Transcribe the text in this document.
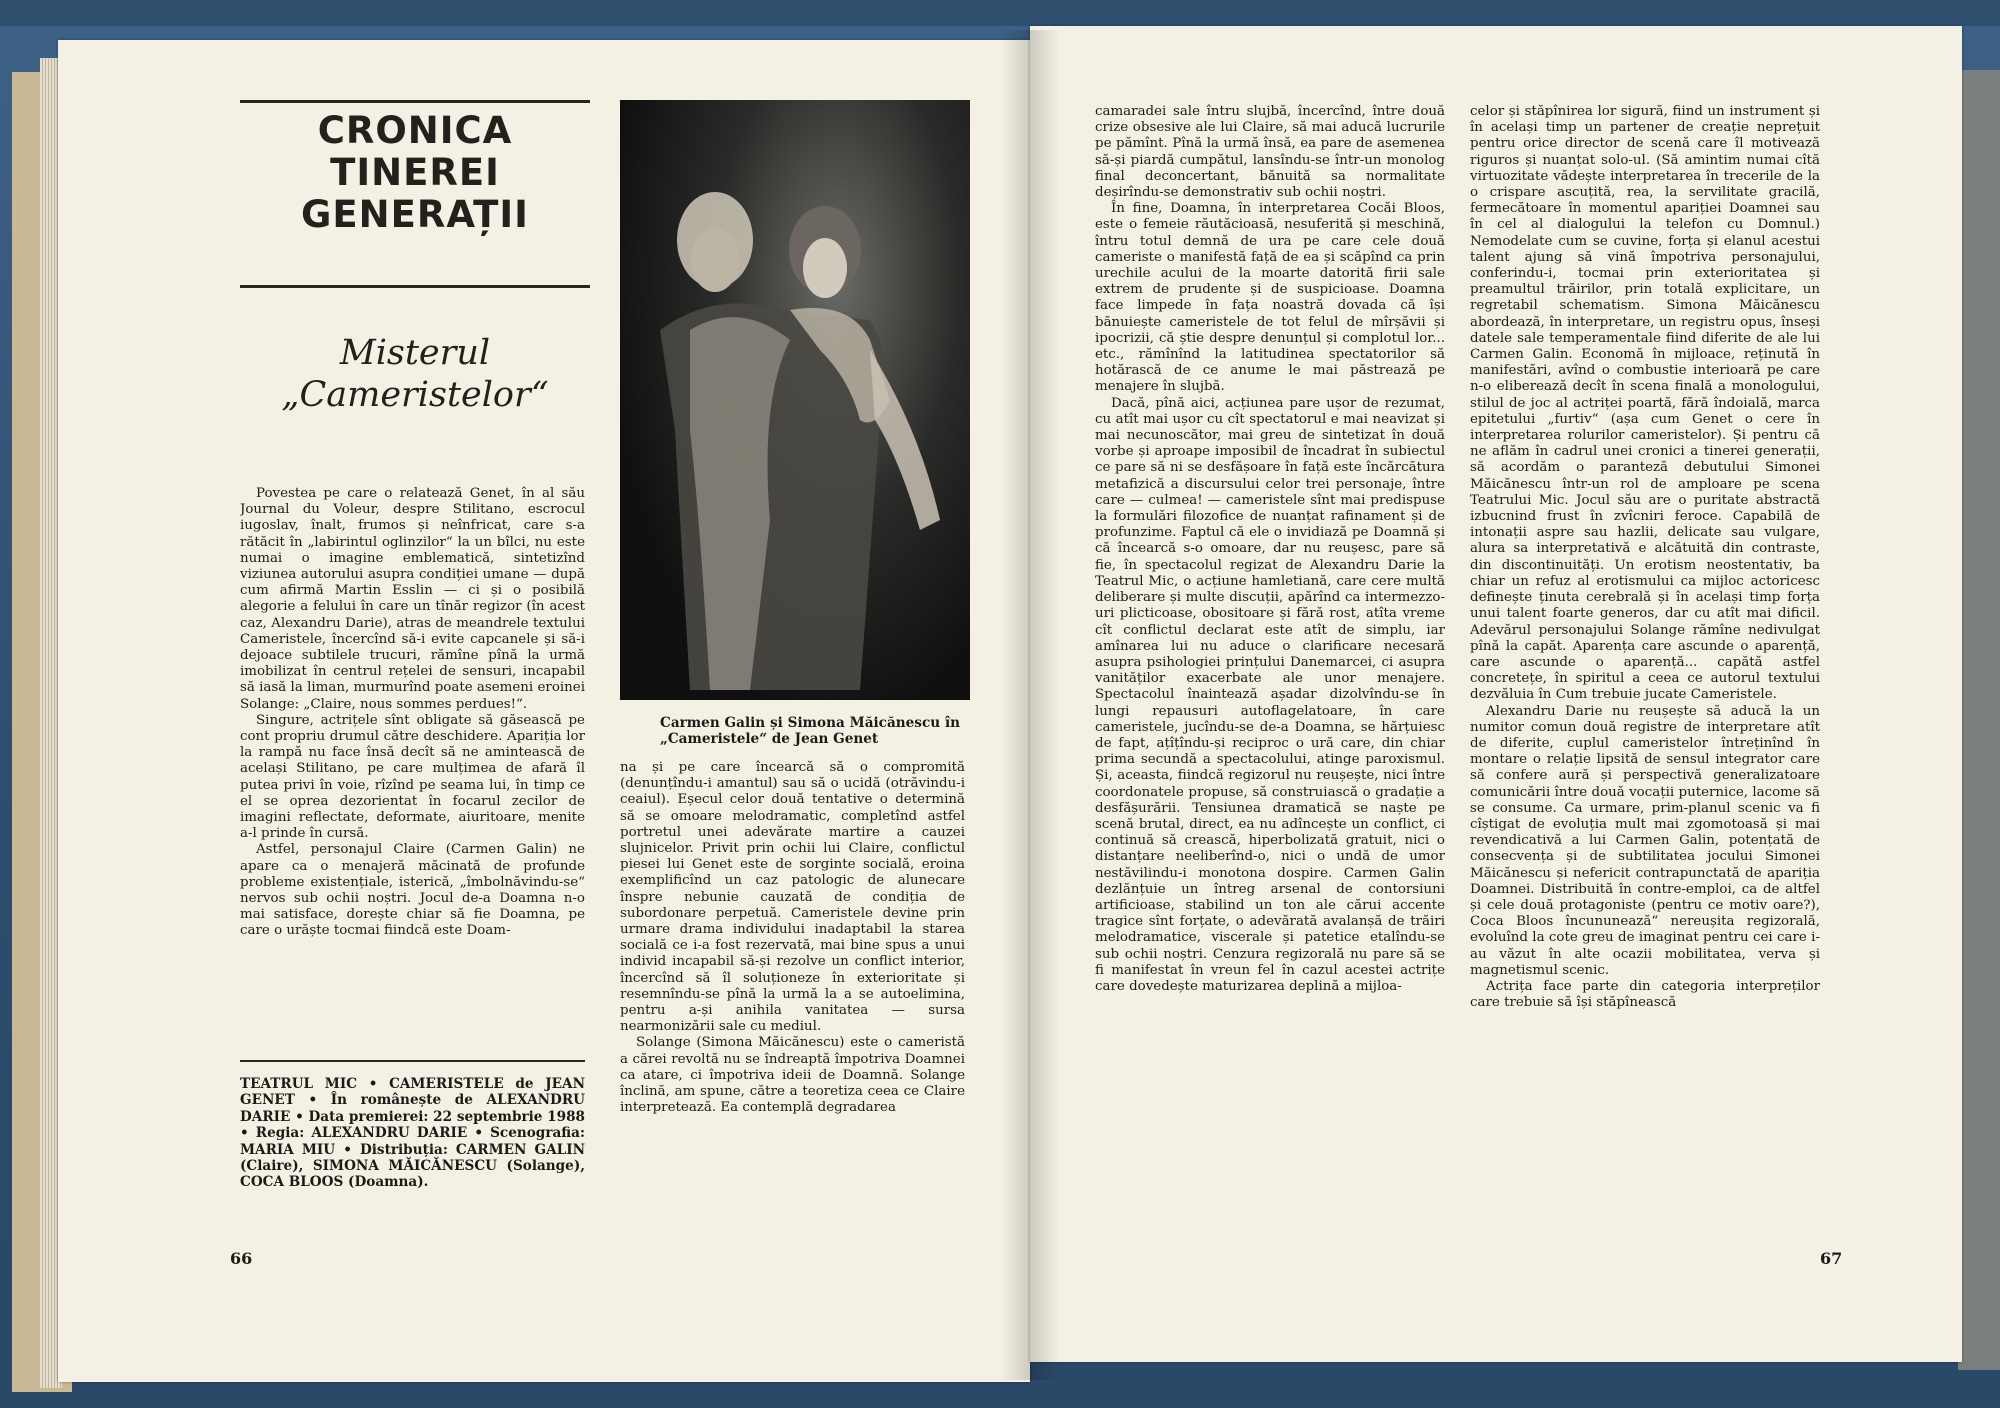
CRONICA
TINEREI
GENERAȚII
Misterul
„Cameristelor“

Povestea pe care o relatează Genet, în al său Journal du Voleur, despre Stilitano, escrocul iugoslav, înalt, frumos și neînfricat, care s-a rătăcit în „labirintul oglinzilor“ la un bîlci, nu este numai o imagine emblematică, sintetizînd viziunea autorului asupra condiției umane — după cum afirmă Martin Esslin — ci și o posibilă alegorie a felului în care un tînăr regizor (în acest caz, Alexandru Darie), atras de meandrele textului Cameristele, încercînd să-i evite capcanele și să-i dejoace subtilele trucuri, rămîne pînă la urmă imobilizat în centrul rețelei de sensuri, incapabil să iasă la liman, murmurînd poate asemeni eroinei Solange: „Claire, nous sommes perdues!“.

Singure, actrițele sînt obligate să găsească pe cont propriu drumul către deschidere. Apariția lor la rampă nu face însă decît să ne amintească de același Stilitano, pe care mulțimea de afară îl putea privi în voie, rîzînd pe seama lui, în timp ce el se oprea dezorientat în focarul zecilor de imagini reflectate, deformate, aiuritoare, menite a-l prinde în cursă.

Astfel, personajul Claire (Carmen Galin) ne apare ca o menajeră măcinată de profunde probleme existențiale, isterică, „îmbolnăvindu-se“ nervos sub ochii noștri. Jocul de-a Doamna n-o mai satisface, dorește chiar să fie Doamna, pe care o urăște tocmai fiindcă este Doam-

TEATRUL MIC • CAMERISTELE de JEAN GENET • În românește de ALEXANDRU DARIE • Data premierei: 22 septembrie 1988 • Regia: ALEXANDRU DARIE • Scenografia: MARIA MIU • Distribuția: CARMEN GALIN (Claire), SIMONA MĂICĂNESCU (Solange), COCA BLOOS (Doamna).
Carmen Galin și Simona Măicănescu în „Cameristele“ de Jean Genet

na și pe care încearcă să o compromită (denunțîndu-i amantul) sau să o ucidă (otrăvindu-i ceaiul). Eșecul celor două tentative o determină să se omoare melodramatic, completînd astfel portretul unei adevărate martire a cauzei slujnicelor. Privit prin ochii lui Claire, conflictul piesei lui Genet este de sorginte socială, eroina exemplificînd un caz patologic de alunecare înspre nebunie cauzată de condiția de subordonare perpetuă. Cameristele devine prin urmare drama individului inadaptabil la starea socială ce i-a fost rezervată, mai bine spus a unui individ incapabil să-și rezolve un conflict interior, încercînd să îl soluționeze în exterioritate și resemnîndu-se pînă la urmă la a se autoelimina, pentru a-și anihila vanitatea — sursa nearmonizării sale cu mediul.

Solange (Simona Măicănescu) este o cameristă a cărei revoltă nu se îndreaptă împotriva Doamnei ca atare, ci împotriva ideii de Doamnă. Solange înclină, am spune, către a teoretiza ceea ce Claire interpretează. Ea contemplă degradarea

66

camaradei sale întru slujbă, încercînd, între două crize obsesive ale lui Claire, să mai aducă lucrurile pe pămînt. Pînă la urmă însă, ea pare de asemenea să-și piardă cumpătul, lansîndu-se într-un monolog final deconcertant, bănuită sa normalitate deșirîndu-se demonstrativ sub ochii noștri.

În fine, Doamna, în interpretarea Cocăi Bloos, este o femeie răutăcioasă, nesuferită și meschină, întru totul demnă de ura pe care cele două cameriste o manifestă față de ea și scăpînd ca prin urechile acului de la moarte datorită firii sale extrem de prudente și de suspicioase. Doamna face limpede în fața noastră dovada că își bănuiește cameristele de tot felul de mîrșăvii și ipocrizii, că știe despre denunțul și complotul lor... etc., rămînînd la latitudinea spectatorilor să hotărască de ce anume le mai păstrează pe menajere în slujbă.

Dacă, pînă aici, acțiunea pare ușor de rezumat, cu atît mai ușor cu cît spectatorul e mai neavizat și mai necunoscător, mai greu de sintetizat în două vorbe și aproape imposibil de încadrat în subiectul ce pare să ni se desfășoare în față este încărcătura metafizică a discursului celor trei personaje, între care — culmea! — cameristele sînt mai predispuse la formulări filozofice de nuanțat rafinament și de profunzime. Faptul că ele o invidiază pe Doamnă și că încearcă s-o omoare, dar nu reușesc, pare să fie, în spectacolul regizat de Alexandru Darie la Teatrul Mic, o acțiune hamletiană, care cere multă deliberare și multe discuții, apărînd ca intermezzo-uri plicticoase, obositoare și fără rost, atîta vreme cît conflictul declarat este atît de simplu, iar amînarea lui nu aduce o clarificare necesară asupra psihologiei prințului Danemarcei, ci asupra vanităților exacerbate ale unor menajere. Spectacolul înaintează așadar dizolvîndu-se în lungi repausuri autoflagelatoare, în care cameristele, jucîndu-se de-a Doamna, se hărțuiesc de fapt, ațîțîndu-și reciproc o ură care, din chiar prima secundă a spectacolului, atinge paroxismul. Și, aceasta, fiindcă regizorul nu reușește, nici între coordonatele propuse, să construiască o gradație a desfășurării. Tensiunea dramatică se naște pe scenă brutal, direct, ea nu adîncește un conflict, ci continuă să crească, hiperbolizată gratuit, nici o distanțare neeliberînd-o, nici o undă de umor nestăvilindu-i monotona dospire. Carmen Galin dezlănțuie un întreg arsenal de contorsiuni artificioase, stabilind un ton ale cărui accente tragice sînt forțate, o adevărată avalanșă de trăiri melodramatice, viscerale și patetice etalîndu-se sub ochii noștri. Cenzura regizorală nu pare să se fi manifestat în vreun fel în cazul acestei actrițe care dovedește maturizarea deplină a mijloa-

celor și stăpînirea lor sigură, fiind un instrument și în același timp un partener de creație neprețuit pentru orice director de scenă care îl motivează riguros și nuanțat solo-ul. (Să amintim numai cîtă virtuozitate vădește interpretarea în trecerile de la o crispare ascuțită, rea, la servilitate gracilă, fermecătoare în momentul apariției Doamnei sau în cel al dialogului la telefon cu Domnul.) Nemodelate cum se cuvine, forța și elanul acestui talent ajung să vină împotriva personajului, conferindu-i, tocmai prin exterioritatea și preamultul trăirilor, prin totală explicitare, un regretabil schematism. Simona Măicănescu abordează, în interpretare, un registru opus, înseși datele sale temperamentale fiind diferite de ale lui Carmen Galin. Economă în mijloace, reținută în manifestări, avînd o combustie interioară pe care n-o eliberează decît în scena finală a monologului, stilul de joc al actriței poartă, fără îndoială, marca epitetului „furtiv“ (așa cum Genet o cere în interpretarea rolurilor cameristelor). Și pentru că ne aflăm în cadrul unei cronici a tinerei generații, să acordăm o paranteză debutului Simonei Măicănescu într-un rol de amploare pe scena Teatrului Mic. Jocul său are o puritate abstractă izbucnind frust în zvîcniri feroce. Capabilă de intonații aspre sau hazlii, delicate sau vulgare, alura sa interpretativă e alcătuită din contraste, din discontinuități. Un erotism neostentativ, ba chiar un refuz al erotismului ca mijloc actoricesc definește ținuta cerebrală și în același timp forța unui talent foarte generos, dar cu atît mai dificil. Adevărul personajului Solange rămîne nedivulgat pînă la capăt. Aparența care ascunde o aparență, care ascunde o aparență... capătă astfel concretețe, în spiritul a ceea ce autorul textului dezvăluia în Cum trebuie jucate Cameristele.

Alexandru Darie nu reușește să aducă la un numitor comun două registre de interpretare atît de diferite, cuplul cameristelor întreținînd în montare o relație lipsită de sensul integrator care să confere aură și perspectivă generalizatoare comunicării între două vocații puternice, lacome să se consume. Ca urmare, prim-planul scenic va fi cîștigat de evoluția mult mai zgomotoasă și mai revendicativă a lui Carmen Galin, potențată de consecvența și de subtilitatea jocului Simonei Măicănescu și nefericit contrapunctată de apariția Doamnei. Distribuită în contre-emploi, ca de altfel și cele două protagoniste (pentru ce motiv oare?), Coca Bloos încununează“ nereușita regizorală, evoluînd la cote greu de imaginat pentru cei care i-au văzut în alte ocazii mobilitatea, verva și magnetismul scenic.

Actrița face parte din categoria interpreților care trebuie să își stăpînească

67
